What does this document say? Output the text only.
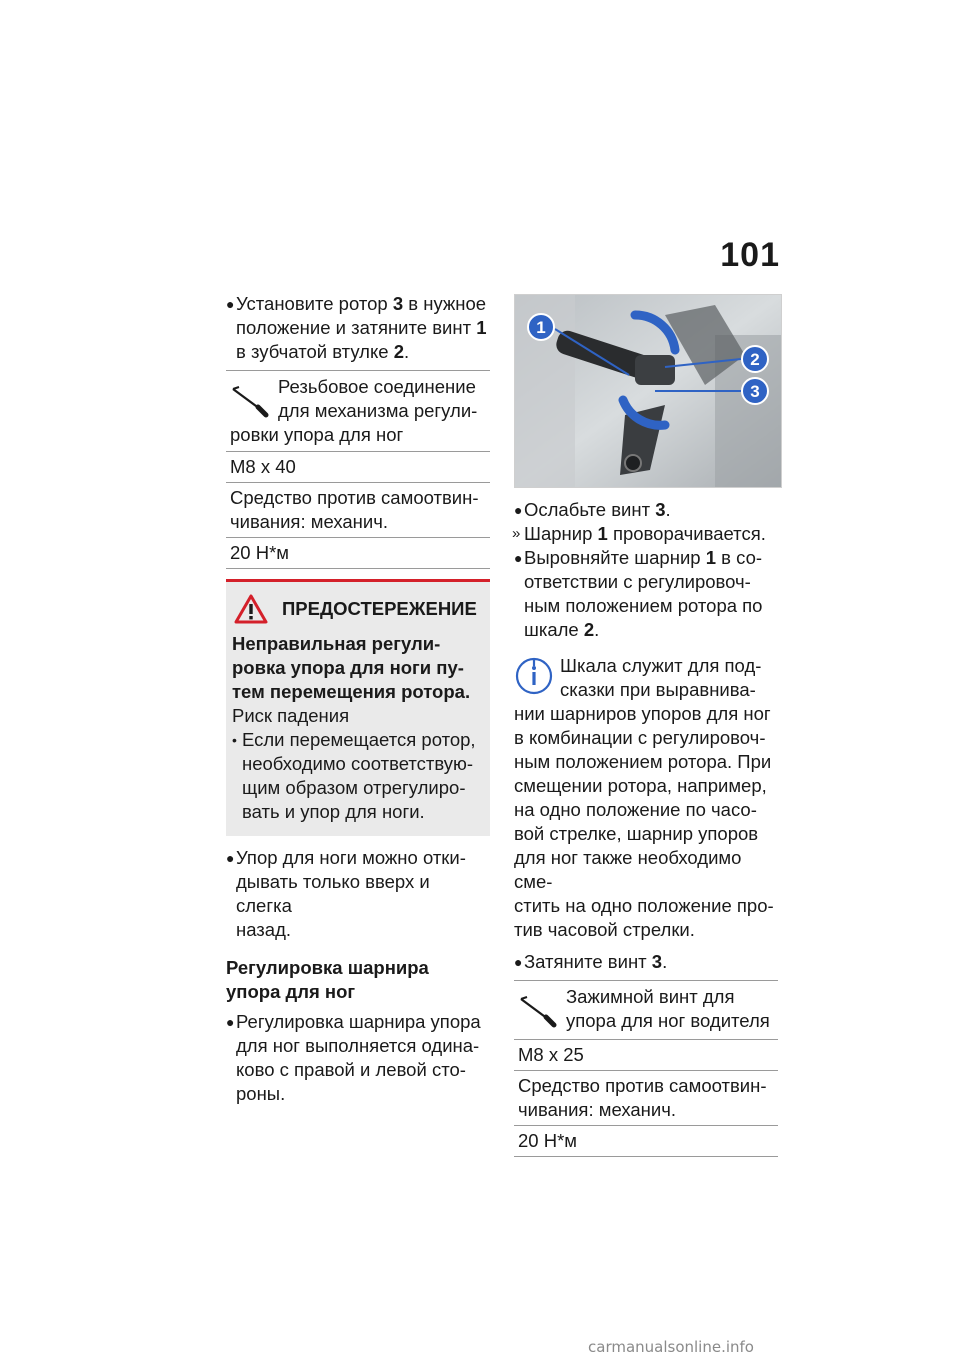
101
● Установите ротор 3 в нужное
положение и затяните винт 1
в зубчатой втулке 2.
Резьбовое соединение
для механизма регули-
ровки упора для ног
M8 x 40
Средство против самоотвин-
чивания: механич.
20 Н*м
ПРЕДОСТЕРЕЖЕНИЕ
Неправильная регули-
ровка упора для ноги пу-
тем перемещения ротора.
Риск падения
• Если перемещается ротор,
необходимо соответствую-
щим образом отрегулиро-
вать и упор для ноги.
● Упор для ноги можно отки-
дывать только вверх и слегка
назад.
Регулировка шарнира
упора для ног
● Регулировка шарнира упора
для ног выполняется одина-
ково с правой и левой сто-
роны.
1
2
3
● Ослабьте винт 3.
» Шарнир 1 проворачивается.
● Выровняйте шарнир 1 в со-
ответствии с регулировоч-
ным положением ротора по
шкале 2.
Шкала служит для под-
сказки при выравнива-
нии шарниров упоров для ног
в комбинации с регулировоч-
ным положением ротора. При
смещении ротора, например,
на одно положение по часо-
вой стрелке, шарнир упоров
для ног также необходимо сме-
стить на одно положение про-
тив часовой стрелки.
● Затяните винт 3.
Зажимной винт для
упора для ног водителя
M8 x 25
Средство против самоотвин-
чивания: механич.
20 Н*м
carmanualsonline.info
